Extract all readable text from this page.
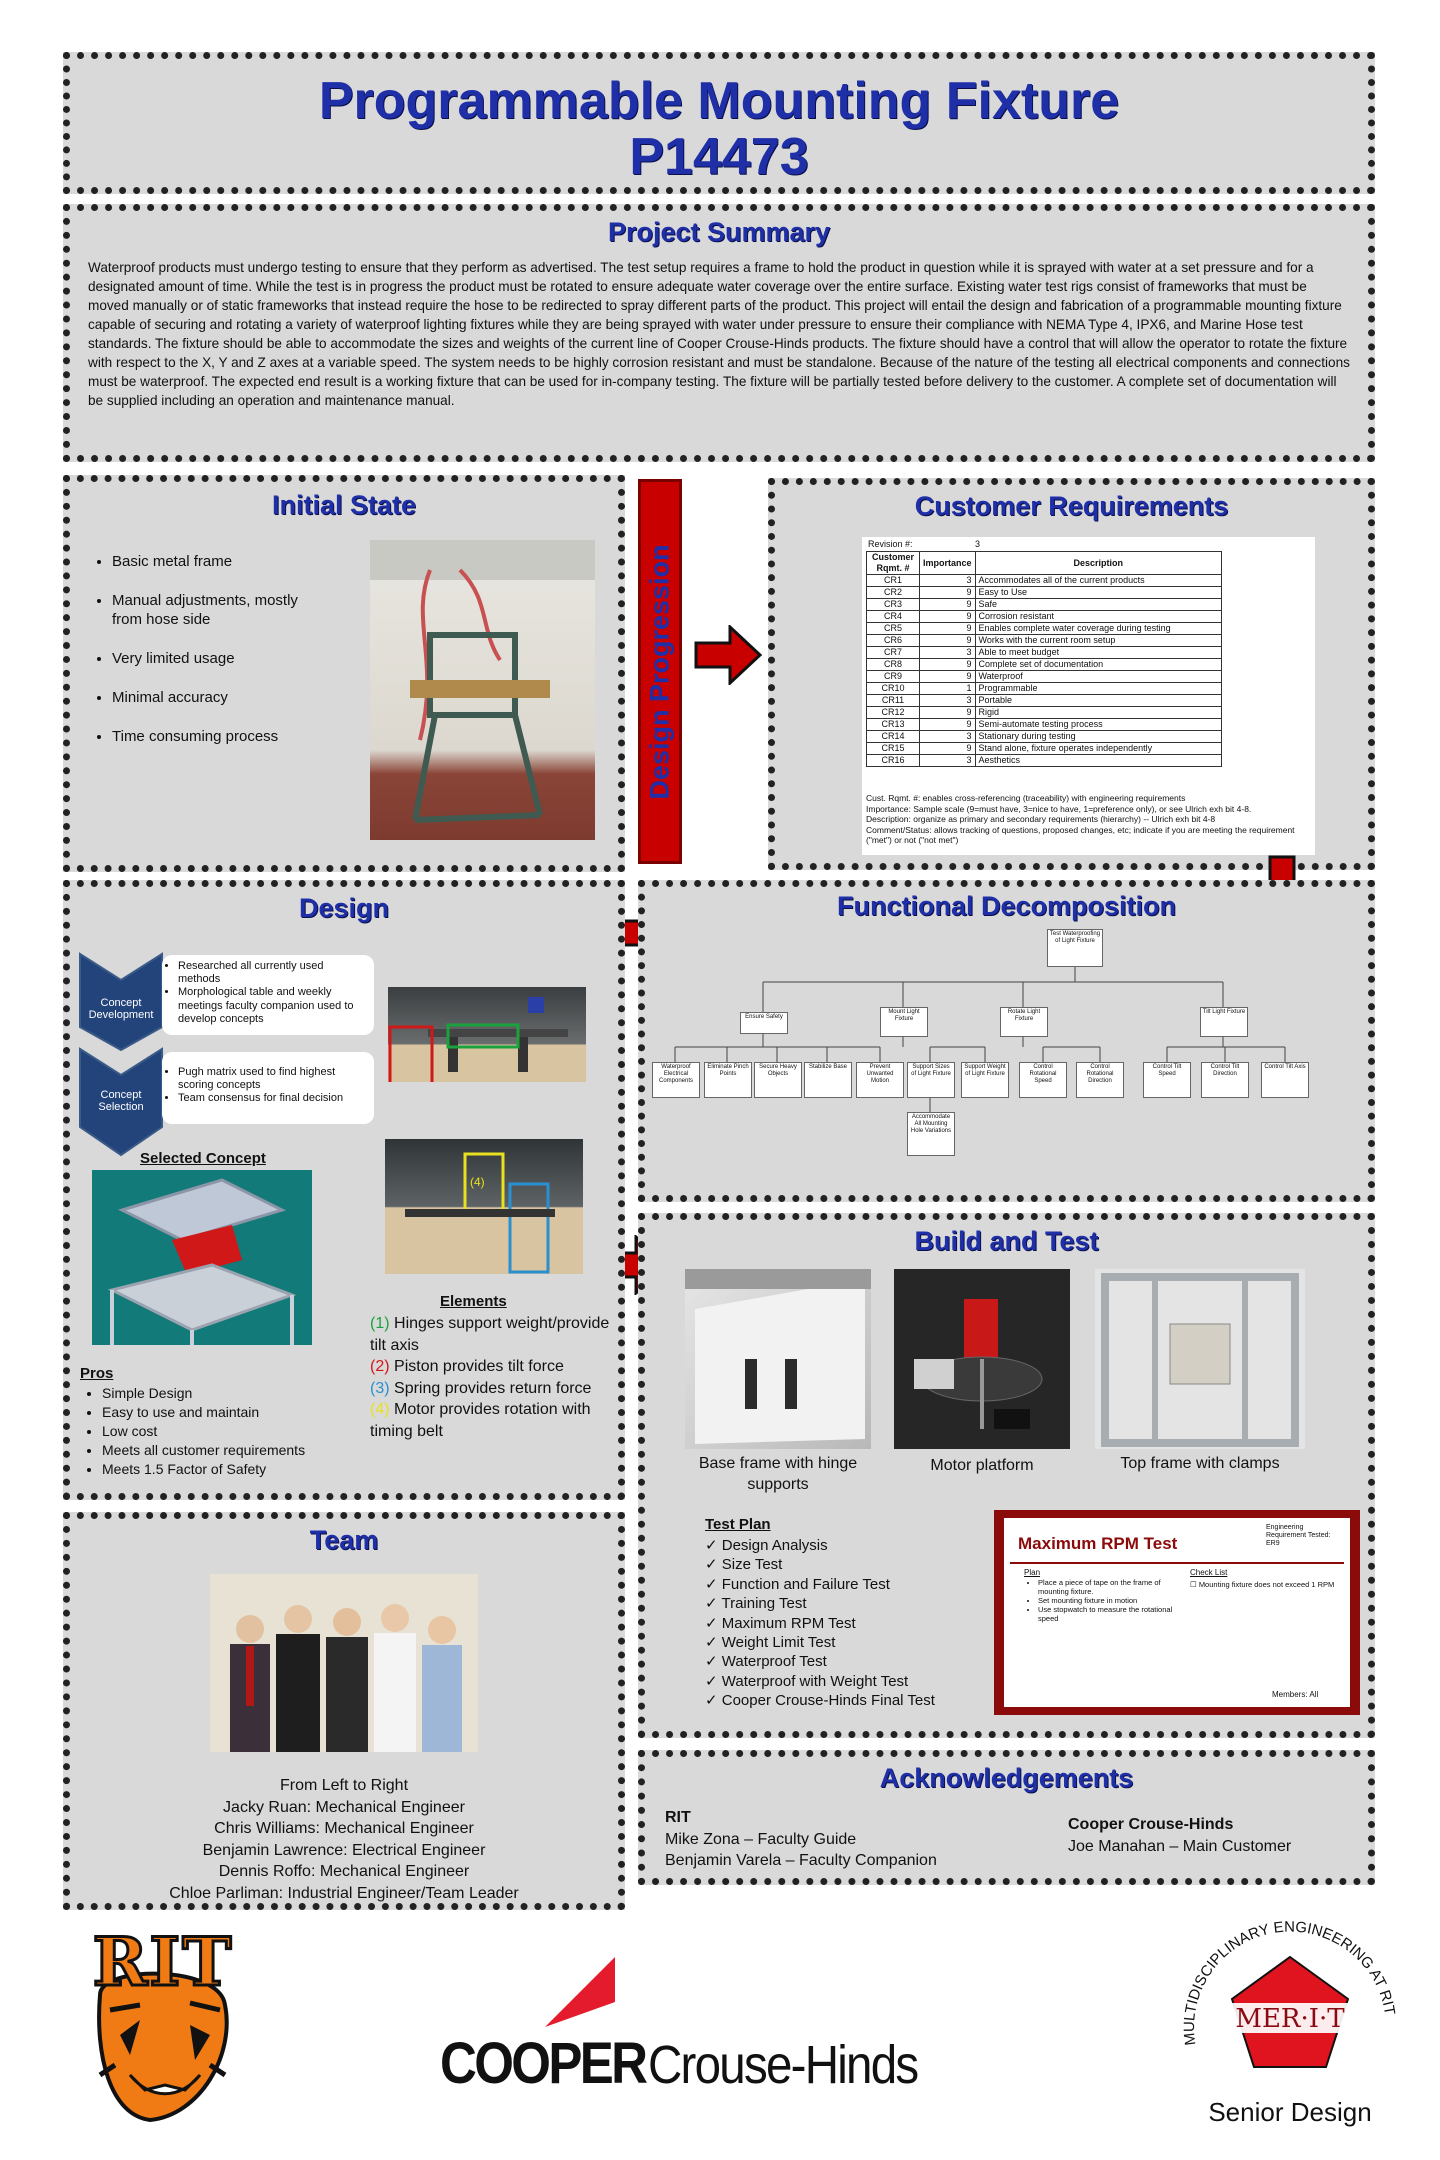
Programmable Mounting Fixture
P14473
Project Summary

Waterproof products must undergo testing to ensure that they perform as advertised. The test setup requires a frame to hold the product in question while it is sprayed with water at a set pressure and for a designated amount of time. While the test is in progress the product must be rotated to ensure adequate water coverage over the entire surface. Existing water test rigs consist of frameworks that must be moved manually or of static frameworks that instead require the hose to be redirected to spray different parts of the product. This project will entail the design and fabrication of a programmable mounting fixture capable of securing and rotating a variety of waterproof lighting fixtures while they are being sprayed with water under pressure to ensure their compliance with NEMA Type 4, IPX6, and Marine Hose test standards. The fixture should be able to accommodate the sizes and weights of the current line of Cooper Crouse-Hinds products. The fixture should have a control that will allow the operator to rotate the fixture with respect to the X, Y and Z axes at a variable speed. The system needs to be highly corrosion resistant and must be standalone. Because of the nature of the testing all electrical components and connections must be waterproof. The expected end result is a working fixture that can be used for in-company testing. The fixture will be partially tested before delivery to the customer. A complete set of documentation will be supplied including an operation and maintenance manual.

Initial State
• Basic metal frame
• Manual adjustments, mostly from hose side
• Very limited usage
• Minimal accuracy
• Time consuming process	Design Progression
Customer Requirements
Revision #:	3
Customer Rqmt. #	Importance	Description
CR1	3	Accommodates all of the current products
CR2	9	Easy to Use
CR3	9	Safe
CR4	9	Corrosion resistant
CR5	9	Enables complete water coverage during testing
CR6	9	Works with the current room setup
CR7	3	Able to meet budget
CR8	9	Complete set of documentation
CR9	9	Waterproof
CR10	1	Programmable
CR11	3	Portable
CR12	9	Rigid
CR13	9	Semi-automate testing process
CR14	3	Stationary during testing
CR15	9	Stand alone, fixture operates independently
CR16	3	Aesthetics
Cust. Rqmt. #: enables cross-referencing (traceability) with engineering requirements
Importance: Sample scale (9=must have, 3=nice to have, 1=preference only), or see Ulrich exh bit 4-8.
Description: organize as primary and secondary requirements (hierarchy) -- Ulrich exh bit 4-8
Comment/Status: allows tracking of questions, proposed changes, etc; indicate if you are meeting the requirement ("met") or not ("not met")
Design
Concept Development
• Researched all currently used methods
• Morphological table and weekly meetings faculty companion used to develop concepts
Concept Selection
• Pugh matrix used to find highest scoring concepts
• Team consensus for final decision
Selected Concept
(4)
Pros
• Simple Design
• Easy to use and maintain
• Low cost
• Meets all customer requirements
• Meets 1.5 Factor of Safety
Elements
(1) Hinges support weight/provide tilt axis
(2) Piston provides tilt force
(3) Spring provides return force
(4) Motor provides rotation with timing belt
Functional Decomposition
Test Waterproofing of Light Fixture
Ensure Safety
Mount Light Fixture
Rotate Light Fixture
Tilt Light Fixture
Waterproof Electrical Components
Eliminate Pinch Points
Secure Heavy Objects
Stabilize Base	Prevent Unwanted Motion
Support Sizes of Light Fixture
Support Weight of Light Fixture
Control Rotational Speed
Control Rotational Direction
Control Tilt Speed
Control Tilt Direction
Control Tilt Axis
Accommodate All Mounting Hole Variations
Build and Test
Base frame with hinge supports
Motor platform	Top frame with clamps
Test Plan
✓ Design Analysis
✓ Size Test
✓ Function and Failure Test
✓ Training Test
✓ Maximum RPM Test
✓ Weight Limit Test
✓ Waterproof Test
✓ Waterproof with Weight Test
✓ Cooper Crouse-Hinds Final Test
Maximum RPM Test
Engineering Requirement Tested: ER9
Plan
• Place a piece of tape on the frame of mounting fixture.
• Set mounting fixture in motion
• Use stopwatch to measure the rotational speed
Check List
☐ Mounting fixture does not exceed 1 RPM
Members: All
Team
From Left to Right
Jacky Ruan: Mechanical Engineer
Chris Williams: Mechanical Engineer
Benjamin Lawrence: Electrical Engineer
Dennis Roffo: Mechanical Engineer
Chloe Parliman: Industrial Engineer/Team Leader
Acknowledgements
RIT
Mike Zona – Faculty Guide
Benjamin Varela – Faculty Companion
Cooper Crouse-Hinds
Joe Manahan – Main Customer
RIT
COOPERCrouse-Hinds	MULTIDISCIPLINARY ENGINEERING AT RIT
MER·I·T
Senior Design
